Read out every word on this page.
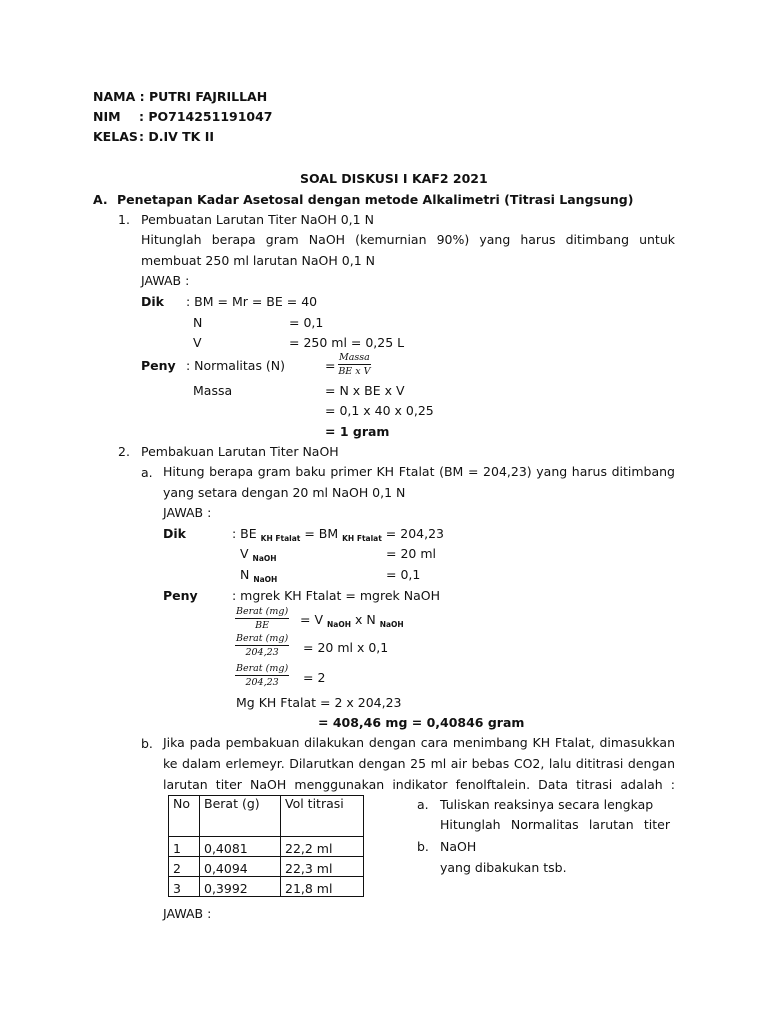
NAMA : PUTRI FAJRILLAH
NIM : PO714251191047
KELAS : D.IV TK II
SOAL DISKUSI I KAF2 2021
A. Penetapan Kadar Asetosal dengan metode Alkalimetri (Titrasi Langsung)
1. Pembuatan Larutan Titer NaOH 0,1 N
Hitunglah berapa gram NaOH (kemurnian 90%) yang harus ditimbang untuk
membuat 250 ml larutan NaOH 0,1 N
JAWAB :
Dik : BM = Mr = BE = 40
N	= 0,1
V	= 250 ml = 0,25 L
Peny : Normalitas (N)	=
Massa
BE x V
Massa	= N x BE x V
= 0,1 x 40 x 0,25
= 1 gram
2. Pembakuan Larutan Titer NaOH
a. Hitung berapa gram baku primer KH Ftalat (BM = 204,23) yang harus ditimbang
yang setara dengan 20 ml NaOH 0,1 N
JAWAB :
Dik	: BE $_{KH Ftalat}$ = BM $_{KH Ftalat}$ = 204,23
V $_{NaOH}$	= 20 ml
N $_{NaOH}$	= 0,1
Peny	: mgrek KH Ftalat = mgrek NaOH
Berat (mg)
BE = V $_{NaOH}$ x N $_{NaOH}$
Berat (mg)
204,23 = 20 ml x 0,1
Berat (mg)
204,23 = 2
Mg KH Ftalat = 2 x 204,23
= 408,46 mg = 0,40846 gram
b. Jika pada pembakuan dilakukan dengan cara menimbang KH Ftalat, dimasukkan
ke dalam erlemeyr. Dilarutkan dengan 25 ml air bebas CO2, lalu dititrasi dengan
larutan titer NaOH menggunakan indikator fenolftalein. Data titrasi adalah :
No	Berat (g)	Vol titrasi
1	0,4081	22,2 ml
2	0,4094	22,3 ml
3	0,3992	21,8 ml
a. Tuliskan reaksinya secara lengkap
Hitunglah Normalitas larutan titer
b. NaOH
yang dibakukan tsb.
JAWAB :
